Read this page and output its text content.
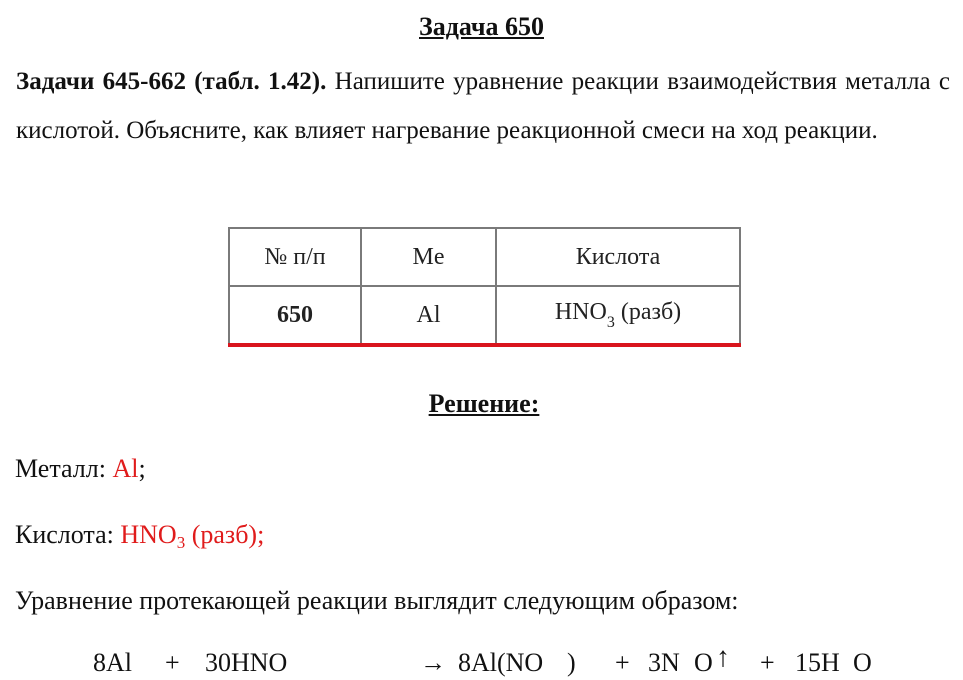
Задача 650
Задачи 645-662 (табл. 1.42). Напишите уравнение реакции взаимодействия металла с кислотой. Объясните, как влияет нагревание реакционной смеси на ход реакции.
№ п/п	Me	Кислота
650	Al	$HNO_3$ (разб)
Решение:
Металл: Al;
Кислота: $HNO_3$ (разб);
Уравнение протекающей реакции выглядит следующим образом:
8Al + 30HNO	→ 8Al(NO ) + 3N O ↑ + 15H O
